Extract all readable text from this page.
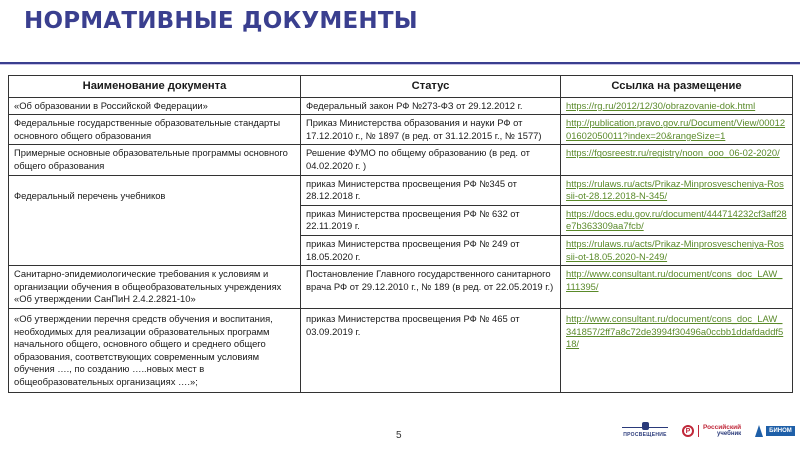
НОРМАТИВНЫЕ ДОКУМЕНТЫ
Наименование документа	Статус	Ссылка на размещение
«Об образовании в Российской Федерации»	Федеральный закон РФ №273-ФЗ от 29.12.2012 г.	https://rg.ru/2012/12/30/obrazovanie-dok.html
Федеральные государственные образовательные стандарты основного общего образования	Приказ Министерства образования и науки РФ от 17.12.2010 г., № 1897 (в ред. от 31.12.2015 г., № 1577)	http://publication.pravo.gov.ru/Document/View/0001201602050011?index=20&rangeSize=1
Примерные основные образовательные программы основного общего образования	Решение ФУМО по общему образованию (в ред. от 04.02.2020 г. )	https://fgosreestr.ru/registry/noon_ooo_06-02-2020/
Федеральный перечень учебников	приказ Министерства просвещения РФ №345 от 28.12.2018 г.	https://rulaws.ru/acts/Prikaz-Minprosvescheniya-Rossii-ot-28.12.2018-N-345/
	приказ Министерства просвещения РФ № 632 от 22.11.2019 г.	https://docs.edu.gov.ru/document/444714232cf3aff28e7b363309aa7fcb/
	приказ Министерства просвещения РФ № 249 от 18.05.2020 г.	https://rulaws.ru/acts/Prikaz-Minprosvescheniya-Rossii-ot-18.05.2020-N-249/
Санитарно-эпидемиологические требования к условиям и организации обучения в общеобразовательных учреждениях «Об утверждении СанПиН 2.4.2.2821-10»	Постановление Главного государственного санитарного врача РФ от 29.12.2010 г., № 189 (в ред. от 22.05.2019 г.)	http://www.consultant.ru/document/cons_doc_LAW_111395/
«Об утверждении перечня средств обучения и воспитания, необходимых для реализации образовательных программ начального общего, основного общего и среднего общего образования, соответствующих современным условиям обучения …., по созданию …..новых мест в общеобразовательных организациях ….»;	приказ Министерства просвещения РФ № 465 от 03.09.2019 г.	http://www.consultant.ru/document/cons_doc_LAW_341857/2ff7a8c72de3994f30496a0ccbb1ddafdaddf518/
5	ПРОСВЕЩЕНИЕ
Р	Российский
учебник	БИНОМ
